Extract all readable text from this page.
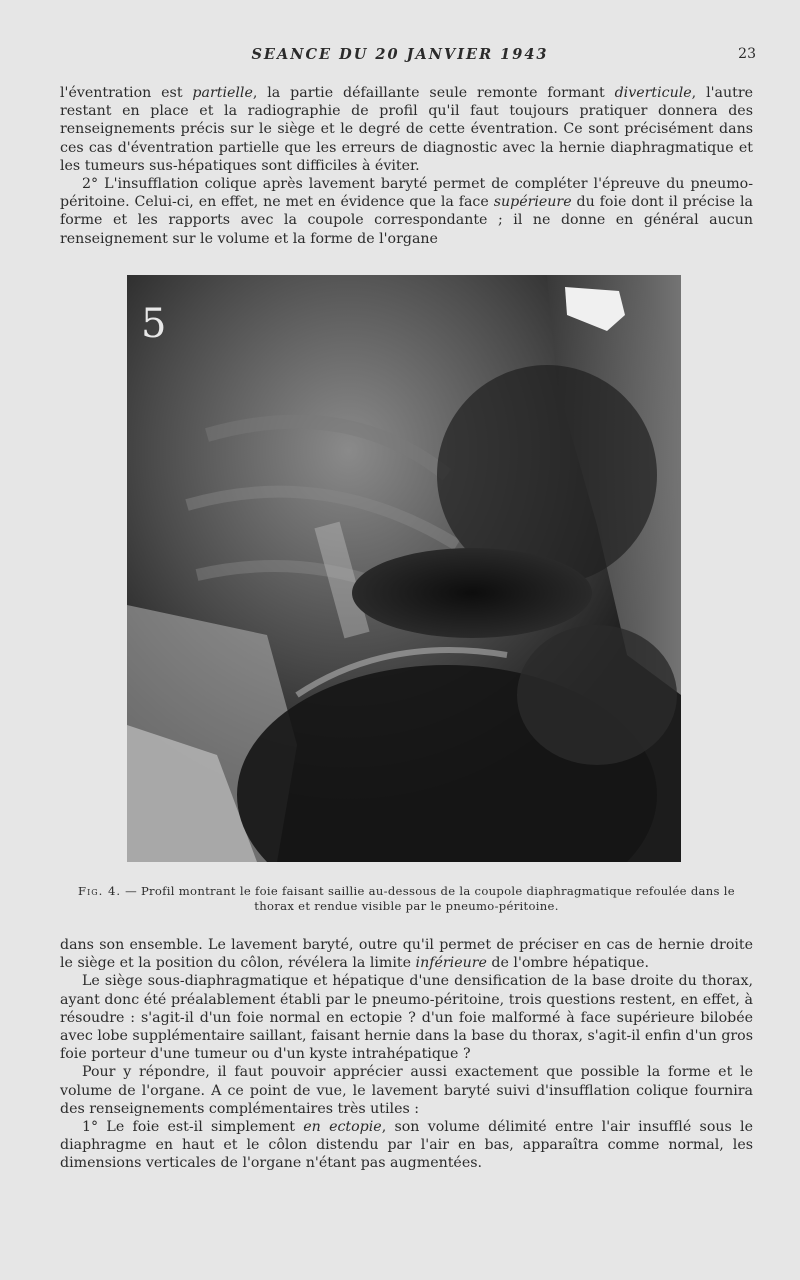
SEANCE DU 20 JANVIER 1943	23

l'éventration est partielle, la partie défaillante seule remonte formant diverticule, l'autre restant en place et la radiographie de profil qu'il faut toujours pratiquer donnera des renseignements précis sur le siège et le degré de cette éventration. Ce sont précisément dans ces cas d'éventration partielle que les erreurs de diagnostic avec la hernie diaphragmatique et les tumeurs sus-hépatiques sont difficiles à éviter.

2° L'insufflation colique après lavement baryté permet de compléter l'épreuve du pneumo-péritoine. Celui-ci, en effet, ne met en évidence que la face supérieure du foie dont il précise la forme et les rapports avec la coupole correspondante ; il ne donne en général aucun renseignement sur le volume et la forme de l'organe

5
Fig. 4. — Profil montrant le foie faisant saillie au-dessous de la coupole diaphragmatique refoulée dans le thorax et rendue visible par le pneumo-péritoine.

dans son ensemble. Le lavement baryté, outre qu'il permet de préciser en cas de hernie droite le siège et la position du côlon, révélera la limite inférieure de l'ombre hépatique.

Le siège sous-diaphragmatique et hépatique d'une densification de la base droite du thorax, ayant donc été préalablement établi par le pneumo-péritoine, trois questions restent, en effet, à résoudre : s'agit-il d'un foie normal en ectopie ? d'un foie malformé à face supérieure bilobée avec lobe supplémentaire saillant, faisant hernie dans la base du thorax, s'agit-il enfin d'un gros foie porteur d'une tumeur ou d'un kyste intrahépatique ?

Pour y répondre, il faut pouvoir apprécier aussi exactement que possible la forme et le volume de l'organe. A ce point de vue, le lavement baryté suivi d'insufflation colique fournira des renseignements complémentaires très utiles :

1° Le foie est-il simplement en ectopie, son volume délimité entre l'air insufflé sous le diaphragme en haut et le côlon distendu par l'air en bas, apparaîtra comme normal, les dimensions verticales de l'organe n'étant pas augmentées.
